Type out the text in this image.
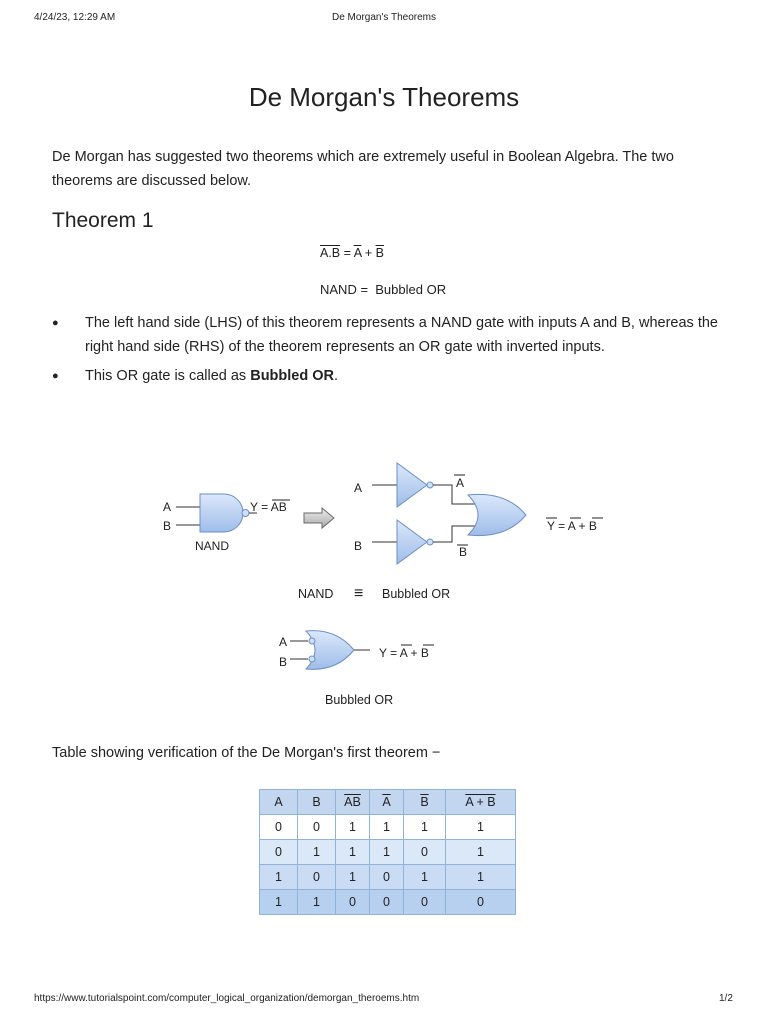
4/24/23, 12:29 AM	De Morgan's Theorems
De Morgan's Theorems

De Morgan has suggested two theorems which are extremely useful in Boolean Algebra. The two theorems are discussed below.

Theorem 1
$A.B = \overline{A} + \overline{B}$
NAND =  Bubbled OR
● The left hand side (LHS) of this theorem represents a NAND gate with inputs A and B, whereas the right hand side (RHS) of the theorem represents an OR gate with inverted inputs.
● This OR gate is called as Bubbled OR.
A
B
Y = AB
NAND
A
B
A
B
Y = A + B
NAND ≡ Bubbled OR
A
B
Y = A + B
Bubbled OR

Table showing verification of the De Morgan's first theorem −

A	B	$\overline{AB}$	$\overline{A}$	$\overline{B}$	A + B
0	0	1	1	1	1
0	1	1	1	0	1
1	0	1	0	1	1
1	1	0	0	0	0
https://www.tutorialspoint.com/computer_logical_organization/demorgan_theroems.htm	1/2
